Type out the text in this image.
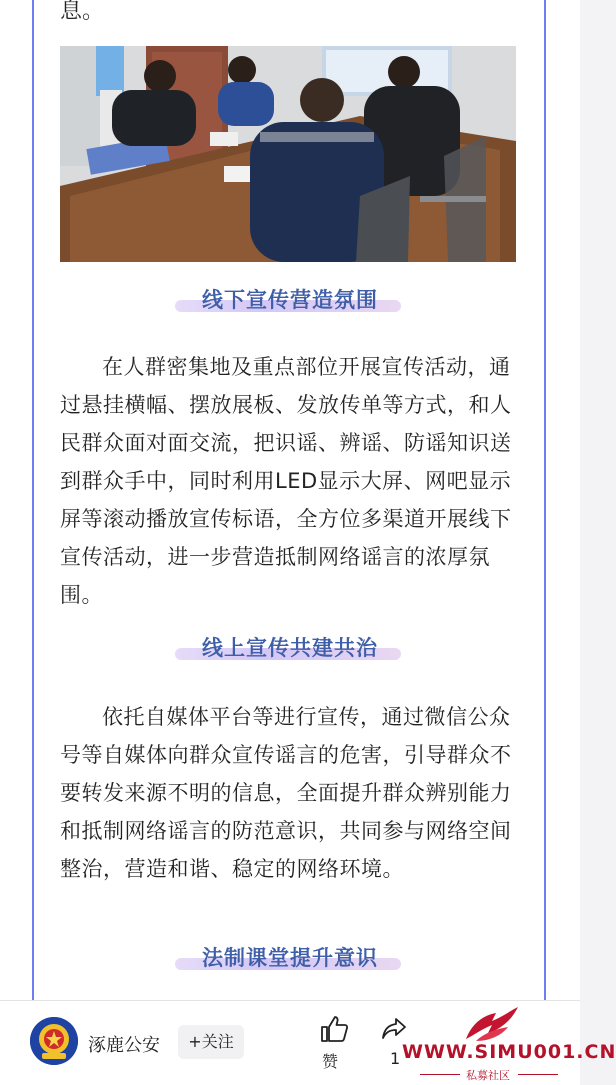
息。
线下宣传营造氛围
在人群密集地及重点部位开展宣传活动，通过悬挂横幅、摆放展板、发放传单等方式，和人民群众面对面交流，把识谣、辨谣、防谣知识送到群众手中，同时利用LED显示大屏、网吧显示屏等滚动播放宣传标语，全方位多渠道开展线下宣传活动，进一步营造抵制网络谣言的浓厚氛围。
线上宣传共建共治
依托自媒体平台等进行宣传，通过微信公众号等自媒体向群众宣传谣言的危害，引导群众不要转发来源不明的信息，全面提升群众辨别能力和抵制网络谣言的防范意识，共同参与网络空间整治，营造和谐、稳定的网络环境。
法制课堂提升意识
涿鹿公安	+关注
赞	1 WWW.SIMU001.CN
私募社区
